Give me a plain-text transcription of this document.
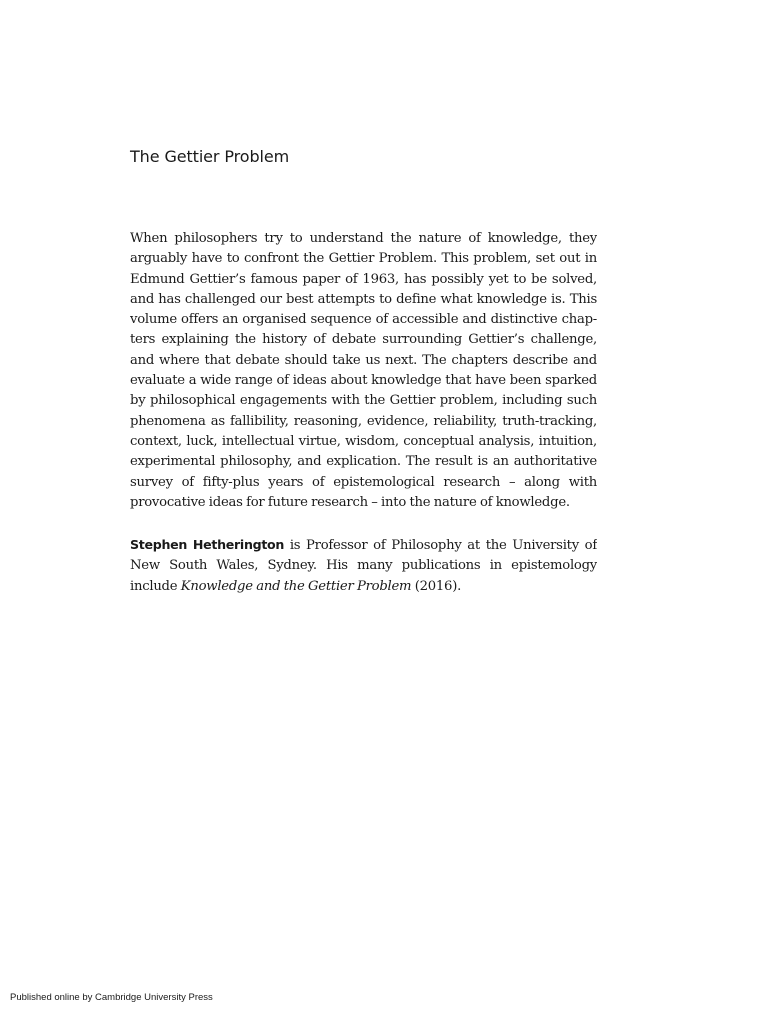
The Gettier Problem
When philosophers try to understand the nature of knowledge, they
arguably have to confront the Gettier Problem. This problem, set out in
Edmund Gettier’s famous paper of 1963, has possibly yet to be solved,
and has challenged our best attempts to define what knowledge is. This
volume offers an organised sequence of accessible and distinctive chap-
ters explaining the history of debate surrounding Gettier’s challenge,
and where that debate should take us next. The chapters describe and
evaluate a wide range of ideas about knowledge that have been sparked
by philosophical engagements with the Gettier problem, including such
phenomena as fallibility, reasoning, evidence, reliability, truth-tracking,
context, luck, intellectual virtue, wisdom, conceptual analysis, intuition,
experimental philosophy, and explication. The result is an authoritative
survey of fifty-plus years of epistemological research – along with
provocative ideas for future research – into the nature of knowledge.
Stephen Hetherington is Professor of Philosophy at the University of
New South Wales, Sydney. His many publications in epistemology
include Knowledge and the Gettier Problem (2016).

Published online by Cambridge University Press
